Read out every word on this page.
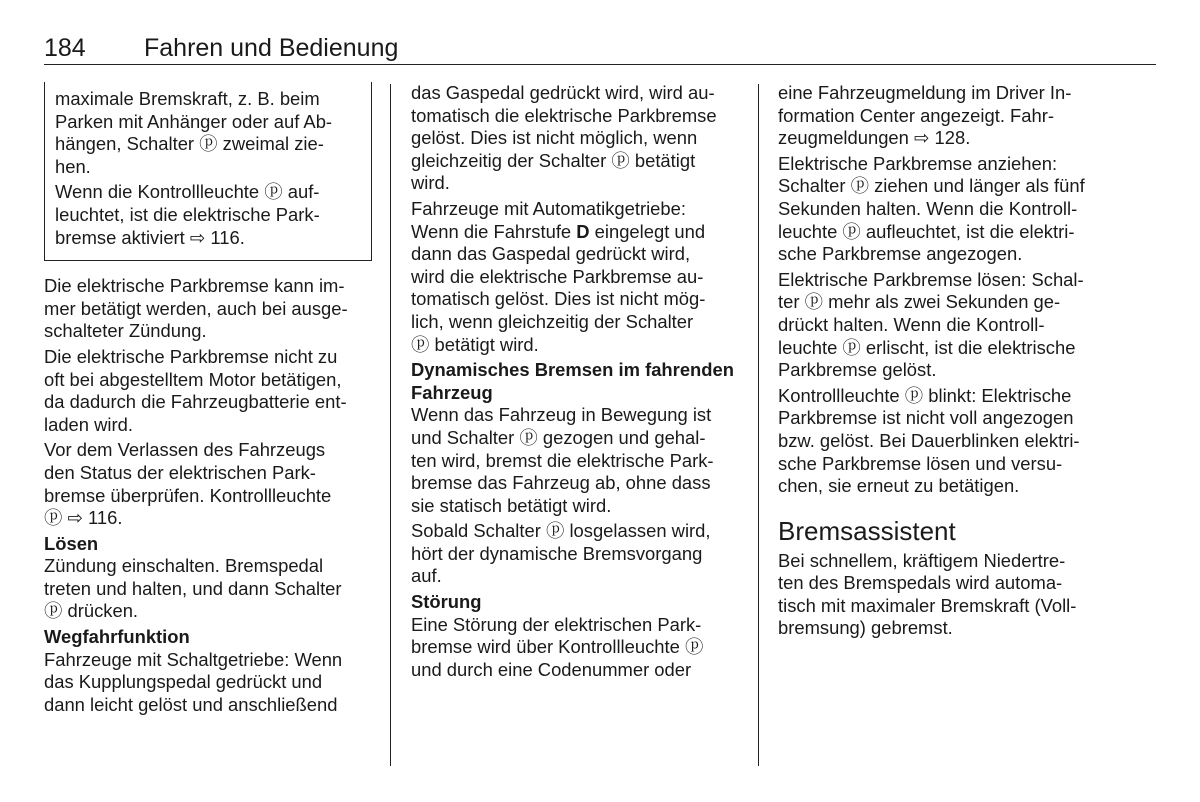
184	Fahren und Bedienung

maximale Bremskraft, z. B. beim
Parken mit Anhänger oder auf Ab-
hängen, Schalter ⓟ zweimal zie-
hen.

Wenn die Kontrollleuchte ⓟ auf-
leuchtet, ist die elektrische Park-
bremse aktiviert ⇨ 116.

Die elektrische Parkbremse kann im-
mer betätigt werden, auch bei ausge-
schalteter Zündung.

Die elektrische Parkbremse nicht zu
oft bei abgestelltem Motor betätigen,
da dadurch die Fahrzeugbatterie ent-
laden wird.

Vor dem Verlassen des Fahrzeugs
den Status der elektrischen Park-
bremse überprüfen. Kontrollleuchte
ⓟ ⇨ 116.

Lösen

Zündung einschalten. Bremspedal
treten und halten, und dann Schalter
ⓟ drücken.

Wegfahrfunktion

Fahrzeuge mit Schaltgetriebe: Wenn
das Kupplungspedal gedrückt und
dann leicht gelöst und anschließend

das Gaspedal gedrückt wird, wird au-
tomatisch die elektrische Parkbremse
gelöst. Dies ist nicht möglich, wenn
gleichzeitig der Schalter ⓟ betätigt
wird.

Fahrzeuge mit Automatikgetriebe:
Wenn die Fahrstufe D eingelegt und
dann das Gaspedal gedrückt wird,
wird die elektrische Parkbremse au-
tomatisch gelöst. Dies ist nicht mög-
lich, wenn gleichzeitig der Schalter
ⓟ betätigt wird.

Dynamisches Bremsen im fahrenden
Fahrzeug

Wenn das Fahrzeug in Bewegung ist
und Schalter ⓟ gezogen und gehal-
ten wird, bremst die elektrische Park-
bremse das Fahrzeug ab, ohne dass
sie statisch betätigt wird.

Sobald Schalter ⓟ losgelassen wird,
hört der dynamische Bremsvorgang
auf.

Störung

Eine Störung der elektrischen Park-
bremse wird über Kontrollleuchte ⓟ
und durch eine Codenummer oder

eine Fahrzeugmeldung im Driver In-
formation Center angezeigt. Fahr-
zeugmeldungen ⇨ 128.

Elektrische Parkbremse anziehen:
Schalter ⓟ ziehen und länger als fünf
Sekunden halten. Wenn die Kontroll-
leuchte ⓟ aufleuchtet, ist die elektri-
sche Parkbremse angezogen.

Elektrische Parkbremse lösen: Schal-
ter ⓟ mehr als zwei Sekunden ge-
drückt halten. Wenn die Kontroll-
leuchte ⓟ erlischt, ist die elektrische
Parkbremse gelöst.

Kontrollleuchte ⓟ blinkt: Elektrische
Parkbremse ist nicht voll angezogen
bzw. gelöst. Bei Dauerblinken elektri-
sche Parkbremse lösen und versu-
chen, sie erneut zu betätigen.

Bremsassistent

Bei schnellem, kräftigem Niedertre-
ten des Bremspedals wird automa-
tisch mit maximaler Bremskraft (Voll-
bremsung) gebremst.
